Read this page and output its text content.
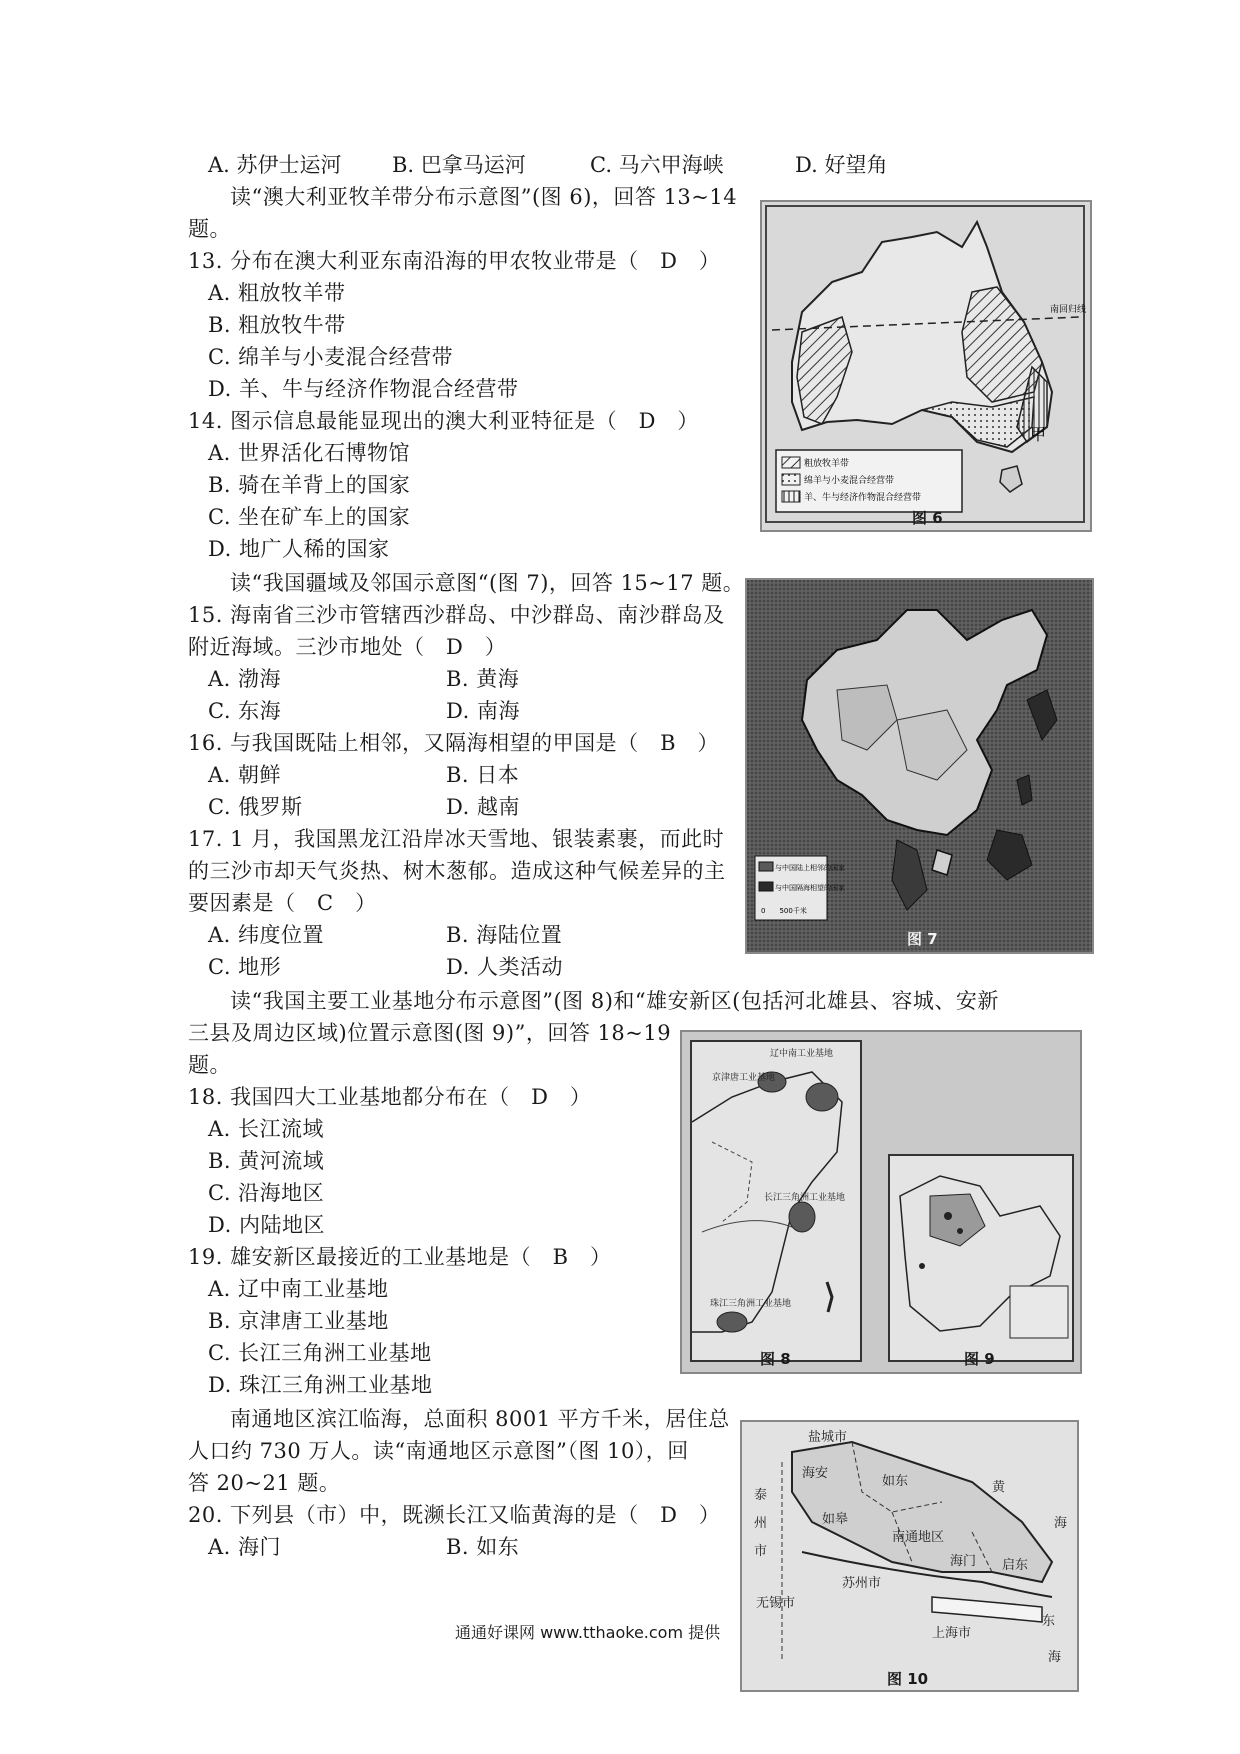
A. 苏伊士运河 B. 巴拿马运河	C. 马六甲海峡	D. 好望角
读“澳大利亚牧羊带分布示意图”(图 6)，回答 13~14
题。
13. 分布在澳大利亚东南沿海的甲农牧业带是（　D　）
A. 粗放牧羊带
B. 粗放牧牛带
C. 绵羊与小麦混合经营带
D. 羊、牛与经济作物混合经营带
14. 图示信息最能显现出的澳大利亚特征是（　D　）
A. 世界活化石博物馆
B. 骑在羊背上的国家
C. 坐在矿车上的国家
D. 地广人稀的国家
读“我国疆域及邻国示意图“(图 7)，回答 15~17 题。
15. 海南省三沙市管辖西沙群岛、中沙群岛、南沙群岛及
附近海域。三沙市地处（　D　）
A. 渤海	B. 黄海
C. 东海	D. 南海
16. 与我国既陆上相邻，又隔海相望的甲国是（　B　）
A. 朝鲜	B. 日本
C. 俄罗斯	D. 越南
17. 1 月，我国黑龙江沿岸冰天雪地、银装素裹，而此时
的三沙市却天气炎热、树木葱郁。造成这种气候差异的主
要因素是（　C　）
A. 纬度位置	B. 海陆位置
C. 地形	D. 人类活动
读“我国主要工业基地分布示意图”(图 8)和“雄安新区(包括河北雄县、容城、安新
三县及周边区域)位置示意图(图 9)”，回答 18~19
题。
18. 我国四大工业基地都分布在（　D　）
A. 长江流域
B. 黄河流域
C. 沿海地区
D. 内陆地区
19. 雄安新区最接近的工业基地是（　B　）
A. 辽中南工业基地
B. 京津唐工业基地
C. 长江三角洲工业基地
D. 珠江三角洲工业基地
南通地区滨江临海，总面积 8001 平方千米，居住总
人口约 730 万人。读“南通地区示意图”（图 10），回
答 20~21 题。
20. 下列县（市）中，既濒长江又临黄海的是（　D　）
A. 海门	B. 如东
粗放牧羊带
绵羊与小麦混合经营带
羊、牛与经济作物混合经营带
南回归线
甲
图 6
与中国陆上相邻的国家
与中国隔海相望的国家
0　　500千米
图 7
辽中南工业基地
京津唐工业基地
长江三角洲工业基地
珠江三角洲工业基地
图 8	图 9
盐城市
泰州市
海安
如东
如皋
南通地区
海门 启东
黄
海
苏州市
无锡市
上海市
东
海
图 10
通通好课网 www.tthaoke.com 提供
